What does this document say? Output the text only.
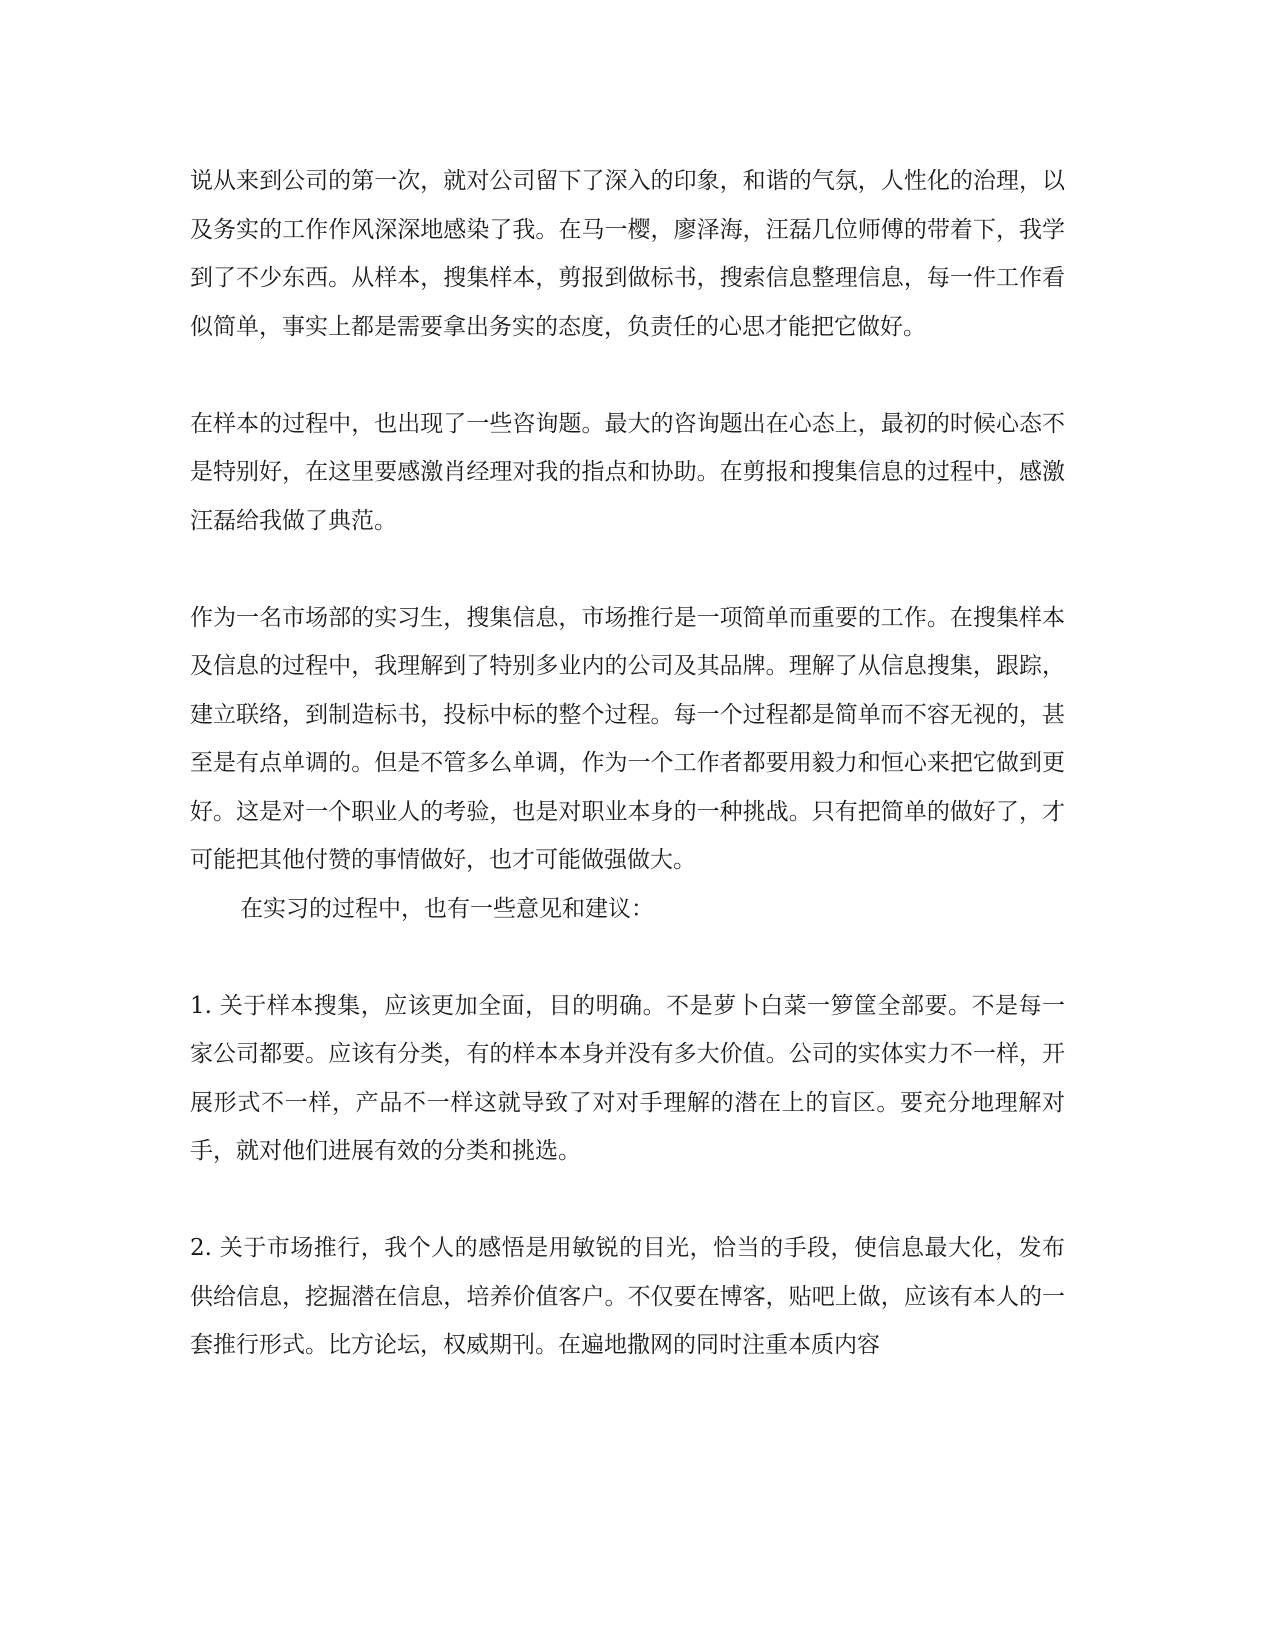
说从来到公司的第一次，就对公司留下了深入的印象，和谐的气氛，人性化的治理，以及务实的工作作风深深地感染了我。在马一樱，廖泽海，汪磊几位师傅的带着下，我学到了不少东西。从样本，搜集样本，剪报到做标书，搜索信息整理信息，每一件工作看似简单，事实上都是需要拿出务实的态度，负责任的心思才能把它做好。

在样本的过程中，也出现了一些咨询题。最大的咨询题出在心态上，最初的时候心态不是特别好，在这里要感激肖经理对我的指点和协助。在剪报和搜集信息的过程中，感激汪磊给我做了典范。

作为一名市场部的实习生，搜集信息，市场推行是一项简单而重要的工作。在搜集样本及信息的过程中，我理解到了特别多业内的公司及其品牌。理解了从信息搜集，跟踪，建立联络，到制造标书，投标中标的整个过程。每一个过程都是简单而不容无视的，甚至是有点单调的。但是不管多么单调，作为一个工作者都要用毅力和恒心来把它做到更好。这是对一个职业人的考验，也是对职业本身的一种挑战。只有把简单的做好了，才可能把其他付赞的事情做好，也才可能做强做大。

在实习的过程中，也有一些意见和建议：

1. 关于样本搜集，应该更加全面，目的明确。不是萝卜白菜一箩筐全部要。不是每一家公司都要。应该有分类，有的样本本身并没有多大价值。公司的实体实力不一样，开展形式不一样，产品不一样这就导致了对对手理解的潜在上的盲区。要充分地理解对手，就对他们进展有效的分类和挑选。

2. 关于市场推行，我个人的感悟是用敏锐的目光，恰当的手段，使信息最大化，发布供给信息，挖掘潜在信息，培养价值客户。不仅要在博客，贴吧上做，应该有本人的一套推行形式。比方论坛，权威期刊。在遍地撒网的同时注重本质内容
